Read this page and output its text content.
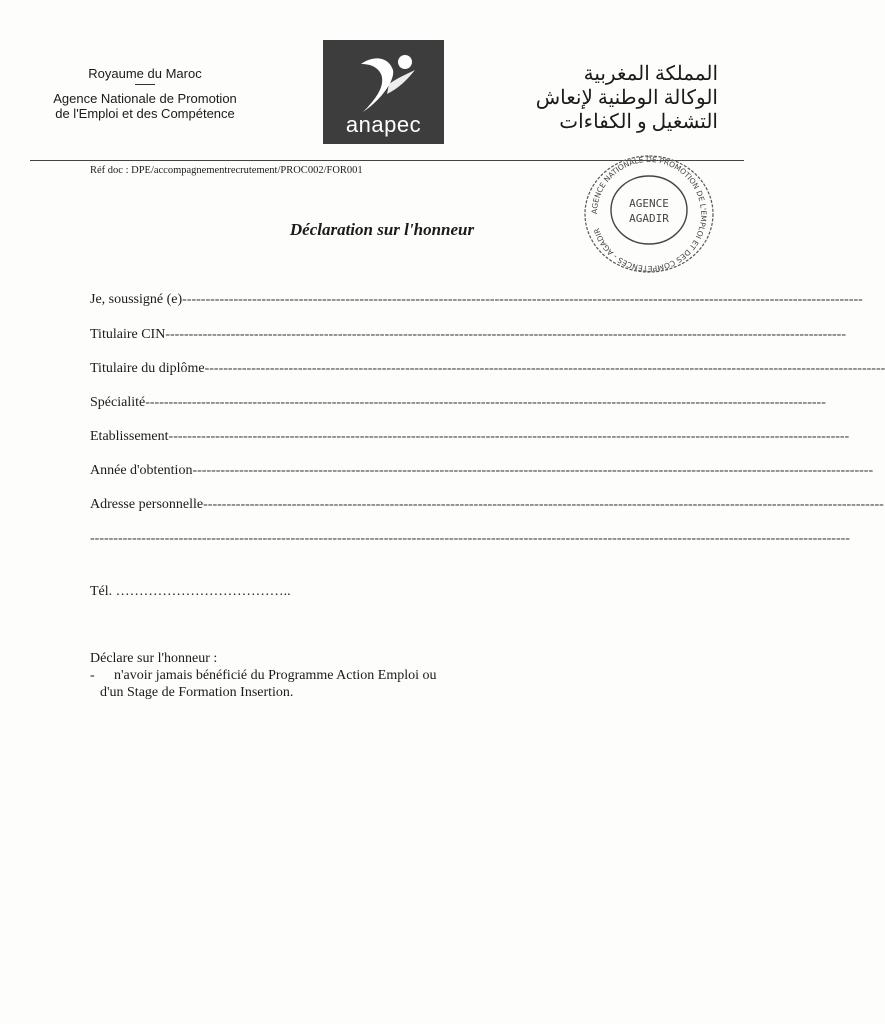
Royaume du Maroc
Agence Nationale de Promotion
de l'Emploi et des Compétence	anapec
المملكة المغربية
الوكالة الوطنية لإنعاش
التشغيل و الكفاءات
Réf doc : DPE/accompagnementrecrutement/PROC002/FOR001
AGENCE NATIONALE DE PROMOTION DE L'EMPLOI ET DES COMPETENCES - AGADIR
AGENCE
AGADIR
Déclaration sur l'honneur
Je, soussigné (e)--------------------------------------------------------------------------------------------------------------------------------------------------
Titulaire CIN--------------------------------------------------------------------------------------------------------------------------------------------------
Titulaire du diplôme--------------------------------------------------------------------------------------------------------------------------------------------------
Spécialité--------------------------------------------------------------------------------------------------------------------------------------------------
Etablissement--------------------------------------------------------------------------------------------------------------------------------------------------
Année d'obtention--------------------------------------------------------------------------------------------------------------------------------------------------
Adresse personnelle--------------------------------------------------------------------------------------------------------------------------------------------------
-------------------------------------------------------------------------------------------------------------------------------------------------------------------
Tél. ………………………………..
Déclare sur l'honneur :
-	n'avoir jamais bénéficié du Programme Action Emploi ou
d'un Stage de Formation Insertion.
